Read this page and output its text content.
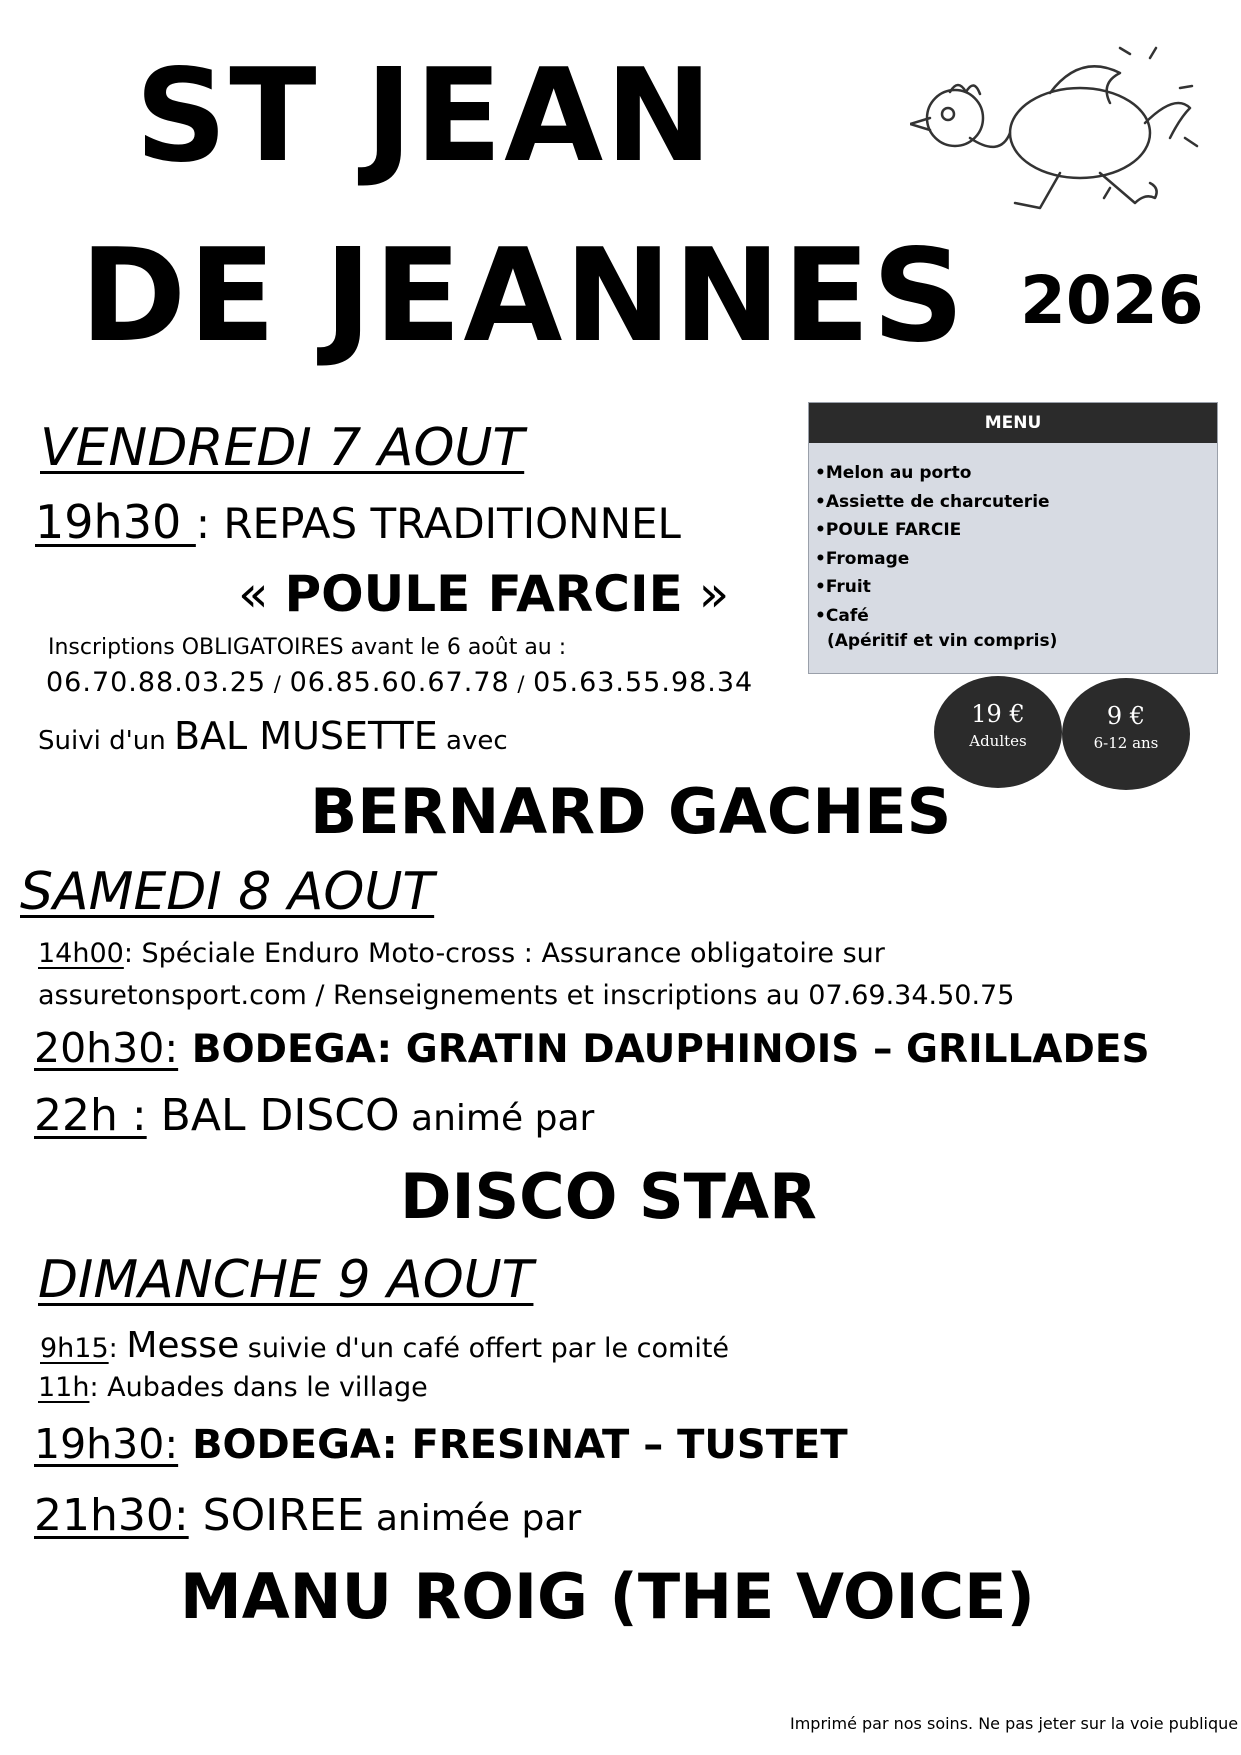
ST JEAN
DE JEANNES 2026
VENDREDI 7 AOUT
19h30 : REPAS TRADITIONNEL
« POULE FARCIE »
Inscriptions OBLIGATOIRES avant le 6 août au :
06.70.88.03.25 / 06.85.60.67.78 / 05.63.55.98.34
Suivi d'un BAL MUSETTE avec
BERNARD GACHES
MENU
•Melon au porto
•Assiette de charcuterie
•POULE FARCIE
•Fromage
•Fruit
•Café
(Apéritif et vin compris)
19 €
Adultes
9 €
6-12 ans
SAMEDI 8 AOUT
14h00: Spéciale Enduro Moto-cross : Assurance obligatoire sur
assuretonsport.com / Renseignements et inscriptions au 07.69.34.50.75
20h30: BODEGA: GRATIN DAUPHINOIS – GRILLADES
22h : BAL DISCO animé par
DISCO STAR
DIMANCHE 9 AOUT
9h15: Messe suivie d'un café offert par le comité
11h: Aubades dans le village
19h30: BODEGA: FRESINAT – TUSTET
21h30: SOIREE animée par
MANU ROIG (THE VOICE)
Imprimé par nos soins. Ne pas jeter sur la voie publique
